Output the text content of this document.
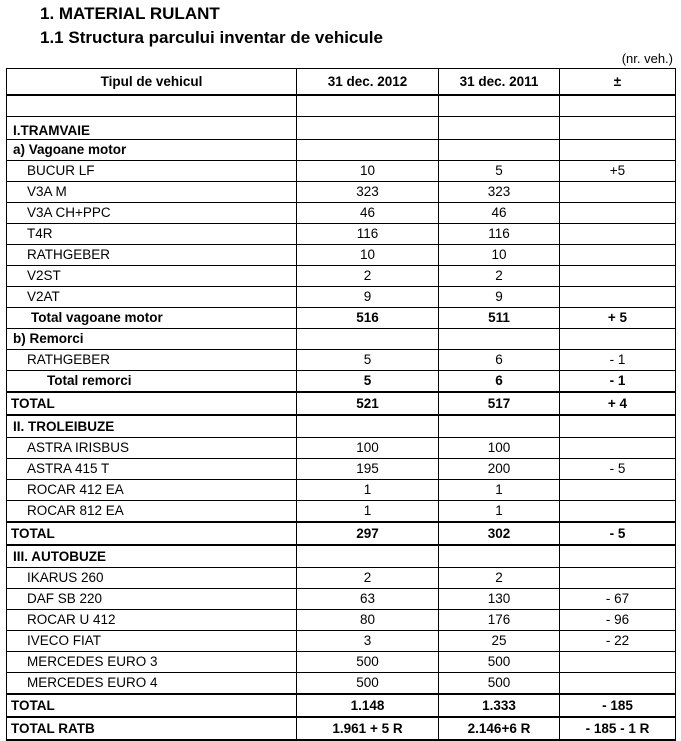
1. MATERIAL RULANT
1.1 Structura parcului inventar de vehicule
(nr. veh.)
Tipul de vehicul	31 dec. 2012	31 dec. 2011	±

I.TRAMVAIE			
a) Vagoane motor			
BUCUR LF	10	5	+5
V3A M	323	323	
V3A CH+PPC	46	46	
T4R	116	116	
RATHGEBER	10	10	
V2ST	2	2	
V2AT	9	9	
Total vagoane motor	516	511	+ 5
b) Remorci			
RATHGEBER	5	6	- 1
Total remorci	5	6	- 1
TOTAL	521	517	+ 4
II. TROLEIBUZE			
ASTRA IRISBUS	100	100	
ASTRA 415 T	195	200	- 5
ROCAR 412 EA	1	1	
ROCAR 812 EA	1	1	
TOTAL	297	302	- 5
III. AUTOBUZE			
IKARUS 260	2	2	
DAF SB 220	63	130	- 67
ROCAR U 412	80	176	- 96
IVECO FIAT	3	25	- 22
MERCEDES EURO 3	500	500	
MERCEDES EURO 4	500	500	
TOTAL	1.148	1.333	- 185
TOTAL RATB	1.961 + 5 R	2.146+6 R	- 185 - 1 R
